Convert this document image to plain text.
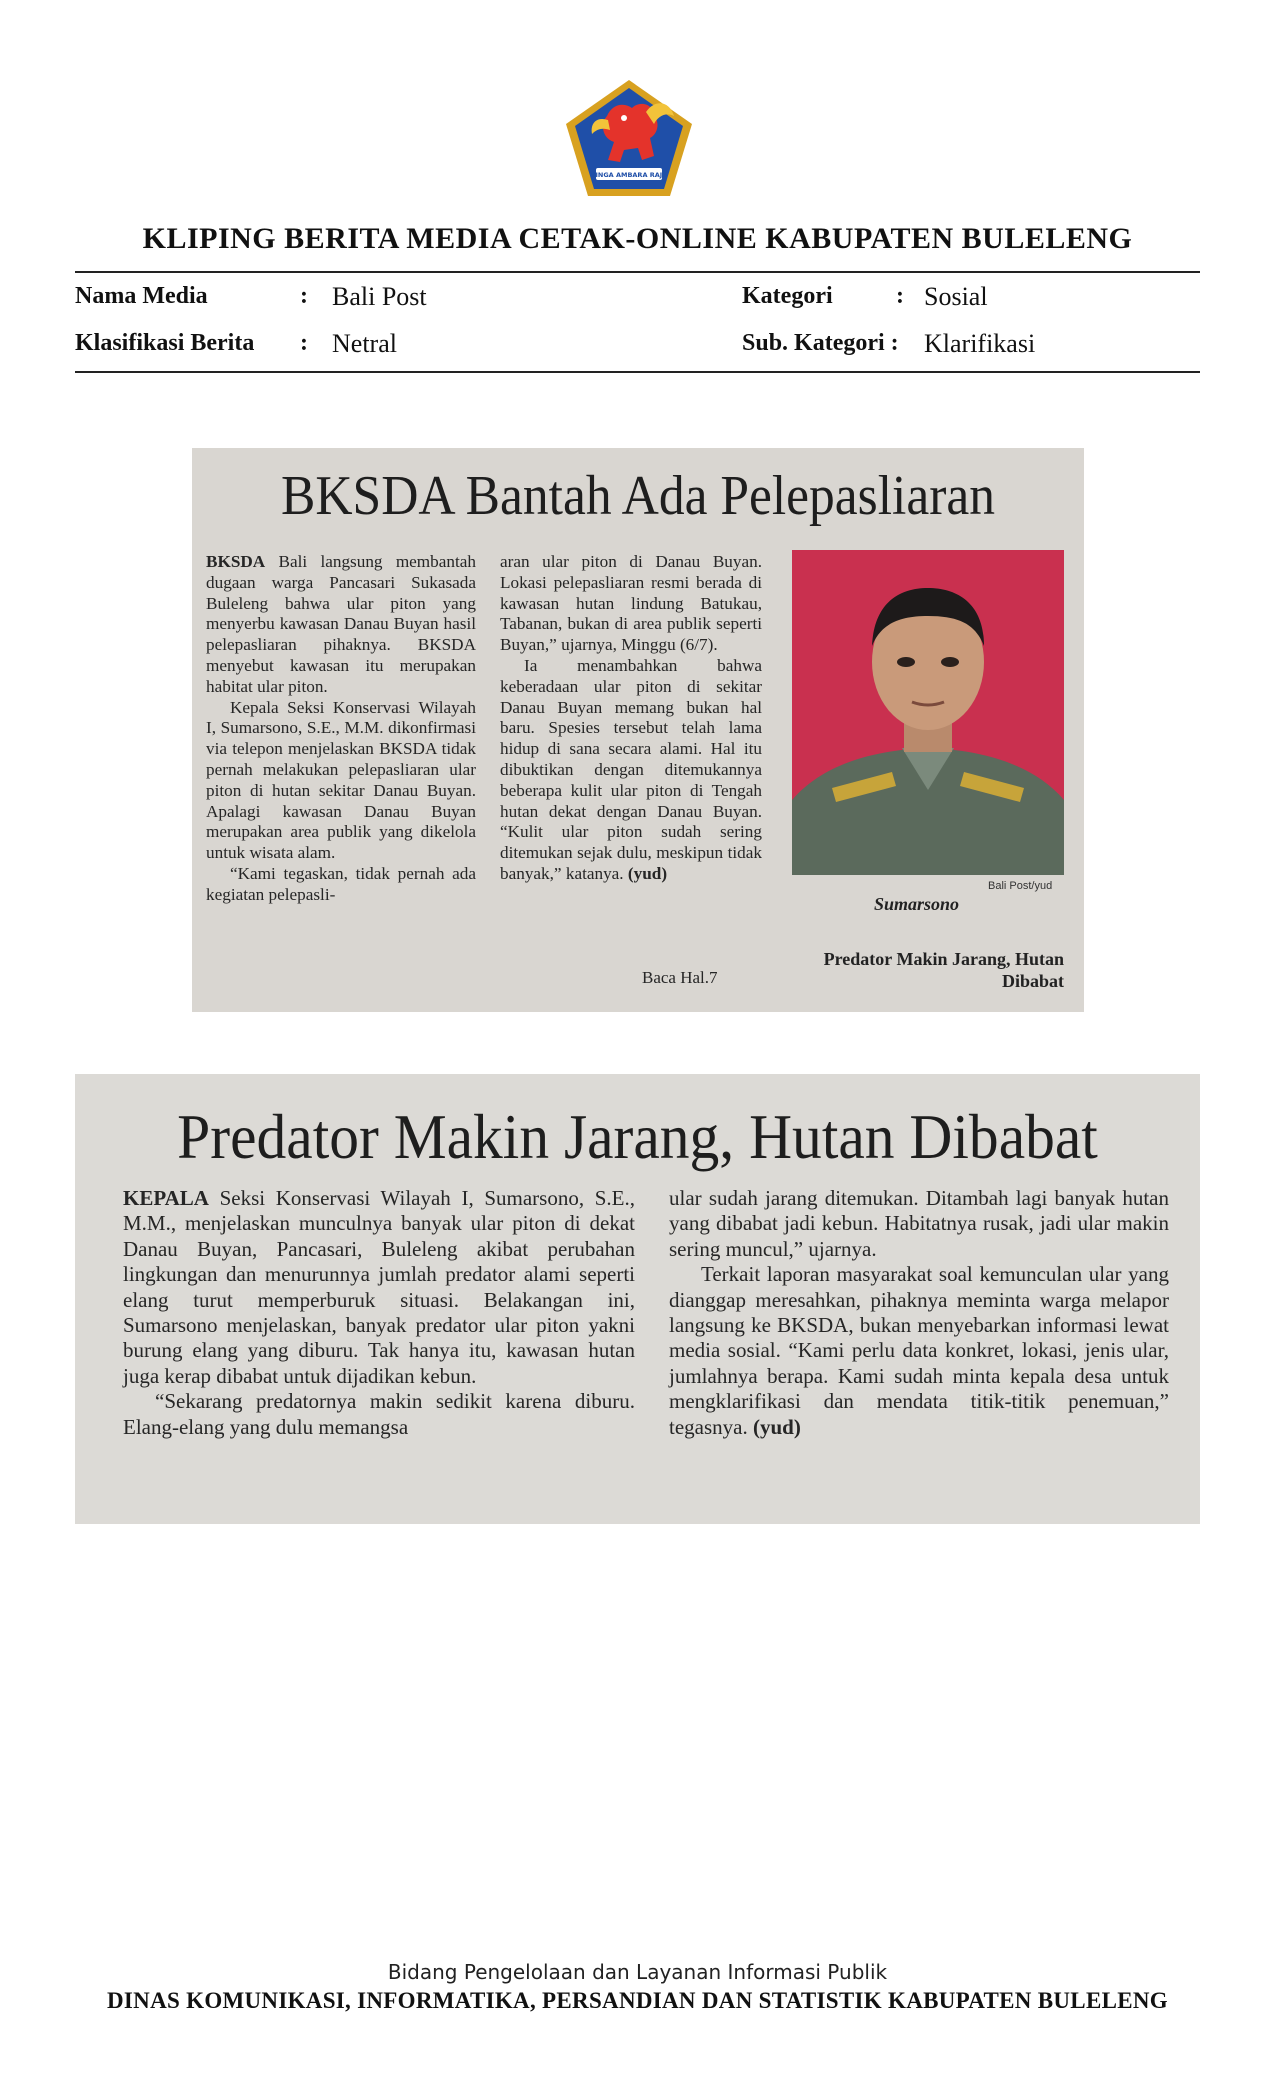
SINGA AMBARA RAJA
KLIPING BERITA MEDIA CETAK-ONLINE KABUPATEN BULELENG
Nama Media	: Bali Post
Klasifikasi Berita : Netral
Kategori	: Sosial
Sub. Kategori : Klarifikasi
BKSDA Bantah Ada Pelepasliaran

BKSDA Bali langsung membantah dugaan warga Pancasari Sukasada Buleleng bahwa ular piton yang menyerbu kawasan Danau Buyan hasil pelepasliaran pihaknya. BKSDA menyebut kawasan itu merupakan habitat ular piton.

Kepala Seksi Konservasi Wilayah I, Sumarsono, S.E., M.M. dikonfirmasi via telepon menjelaskan BKSDA tidak pernah melakukan pelepasliaran ular piton di hutan sekitar Danau Buyan. Apalagi kawasan Danau Buyan merupakan area publik yang dikelola untuk wisata alam.

“Kami tegaskan, tidak pernah ada kegiatan pelepasli-

aran ular piton di Danau Buyan. Lokasi pelepasliaran resmi berada di kawasan hutan lindung Batukau, Tabanan, bukan di area publik seperti Buyan,” ujarnya, Minggu (6/7).

Ia menambahkan bahwa keberadaan ular piton di sekitar Danau Buyan memang bukan hal baru. Spesies tersebut telah lama hidup di sana secara alami. Hal itu dibuktikan dengan ditemukannya beberapa kulit ular piton di Tengah hutan dekat dengan Danau Buyan. “Kulit ular piton sudah sering ditemukan sejak dulu, meskipun tidak banyak,” katanya. (yud)

Baca Hal.7
Bali Post/yud
Sumarsono
Predator Makin Jarang, Hutan Dibabat
Predator Makin Jarang, Hutan Dibabat

KEPALA Seksi Konservasi Wilayah I, Sumarsono, S.E., M.M., menjelaskan munculnya banyak ular piton di dekat Danau Buyan, Pancasari, Buleleng akibat perubahan lingkungan dan menurunnya jumlah predator alami seperti elang turut memperburuk situasi. Belakangan ini, Sumarsono menjelaskan, banyak predator ular piton yakni burung elang yang diburu. Tak hanya itu, kawasan hutan juga kerap dibabat untuk dijadikan kebun.

“Sekarang predatornya makin sedikit karena diburu. Elang-elang yang dulu memangsa

ular sudah jarang ditemukan. Ditambah lagi banyak hutan yang dibabat jadi kebun. Habitatnya rusak, jadi ular makin sering muncul,” ujarnya.

Terkait laporan masyarakat soal kemunculan ular yang dianggap meresahkan, pihaknya meminta warga melapor langsung ke BKSDA, bukan menyebarkan informasi lewat media sosial. “Kami perlu data konkret, lokasi, jenis ular, jumlahnya berapa. Kami sudah minta kepala desa untuk mengklarifikasi dan mendata titik-titik penemuan,” tegasnya. (yud)

Bidang Pengelolaan dan Layanan Informasi Publik
DINAS KOMUNIKASI, INFORMATIKA, PERSANDIAN DAN STATISTIK KABUPATEN BULELENG
